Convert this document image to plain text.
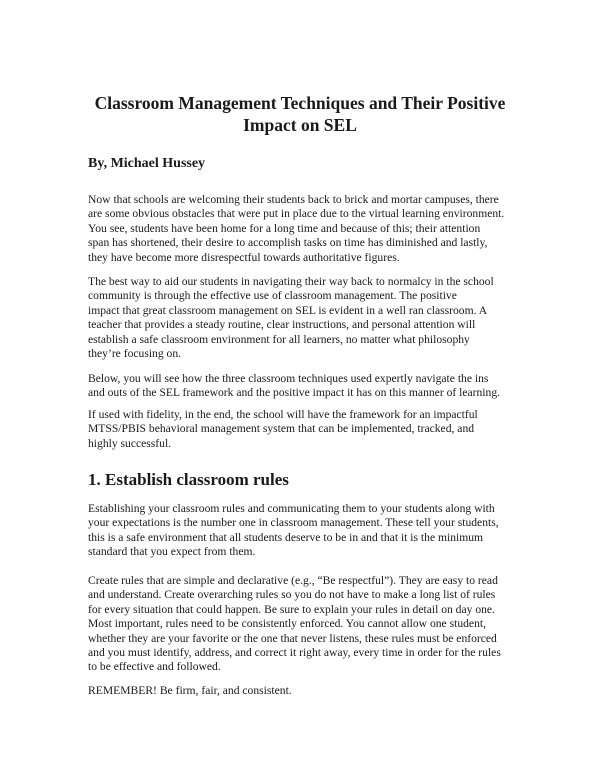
Classroom Management Techniques and Their Positive
Impact on SEL
By, Michael Hussey
Now that schools are welcoming their students back to brick and mortar campuses, there
are some obvious obstacles that were put in place due to the virtual learning environment.
You see, students have been home for a long time and because of this; their attention
span has shortened, their desire to accomplish tasks on time has diminished and lastly,
they have become more disrespectful towards authoritative figures.
The best way to aid our students in navigating their way back to normalcy in the school
community is through the effective use of classroom management. The positive
impact that great classroom management on SEL is evident in a well ran classroom. A
teacher that provides a steady routine, clear instructions, and personal attention will
establish a safe classroom environment for all learners, no matter what philosophy
they’re focusing on.
Below, you will see how the three classroom techniques used expertly navigate the ins
and outs of the SEL framework and the positive impact it has on this manner of learning.
If used with fidelity, in the end, the school will have the framework for an impactful
MTSS/PBIS behavioral management system that can be implemented, tracked, and
highly successful.
1. Establish classroom rules
Establishing your classroom rules and communicating them to your students along with
your expectations is the number one in classroom management. These tell your students,
this is a safe environment that all students deserve to be in and that it is the minimum
standard that you expect from them.
Create rules that are simple and declarative (e.g., “Be respectful”). They are easy to read
and understand. Create overarching rules so you do not have to make a long list of rules
for every situation that could happen. Be sure to explain your rules in detail on day one.
Most important, rules need to be consistently enforced. You cannot allow one student,
whether they are your favorite or the one that never listens, these rules must be enforced
and you must identify, address, and correct it right away, every time in order for the rules
to be effective and followed.
REMEMBER! Be firm, fair, and consistent.
